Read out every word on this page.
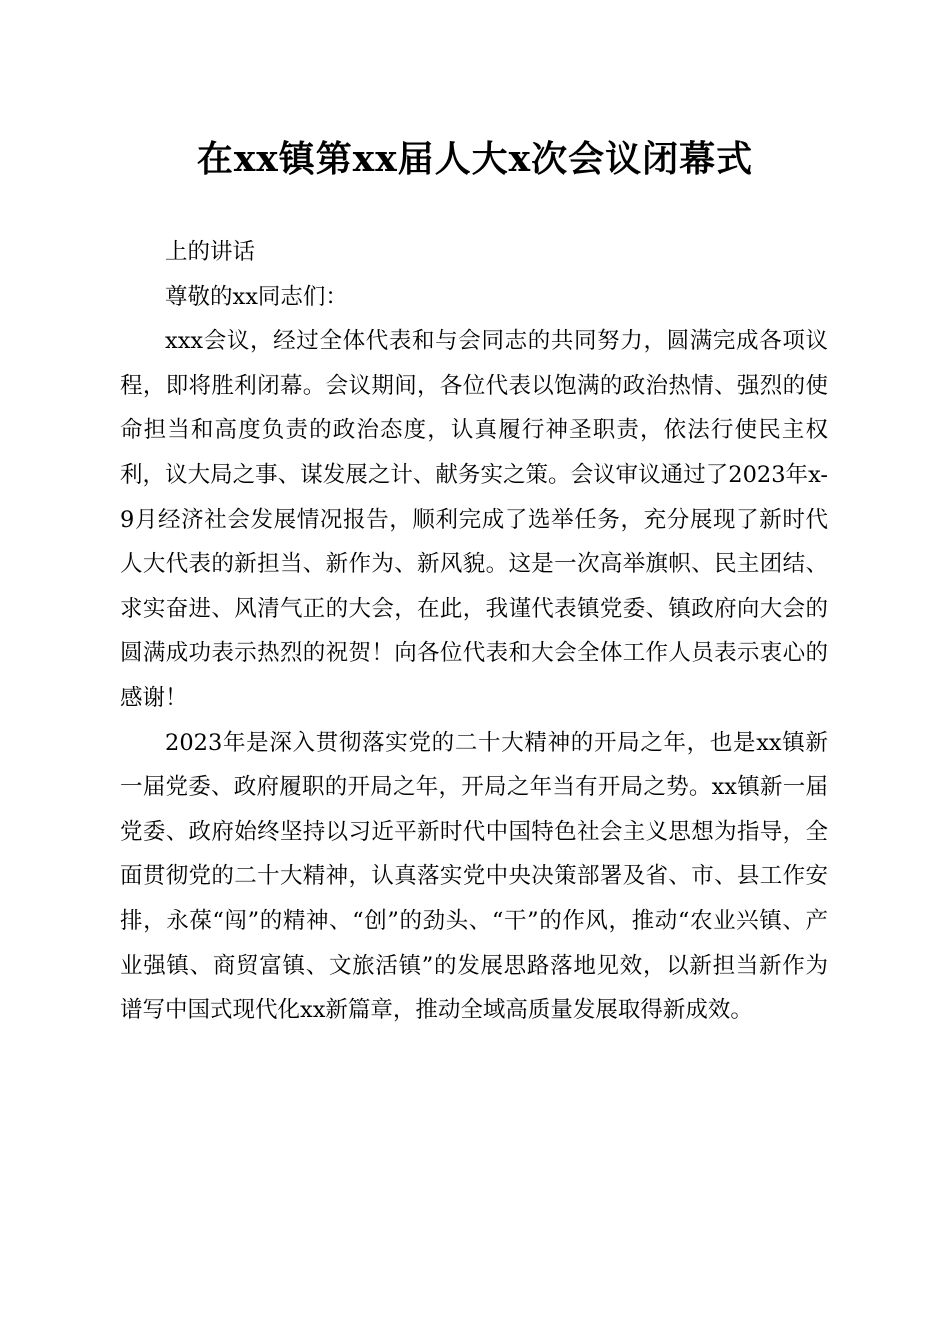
在xx镇第xx届人大x次会议闭幕式

上的讲话

尊敬的xx同志们：

xxx会议，经过全体代表和与会同志的共同努力，圆满完成各项议程，即将胜利闭幕。会议期间，各位代表以饱满的政治热情、强烈的使命担当和高度负责的政治态度，认真履行神圣职责，依法行使民主权利，议大局之事、谋发展之计、献务实之策。会议审议通过了2023年x-9月经济社会发展情况报告，顺利完成了选举任务，充分展现了新时代人大代表的新担当、新作为、新风貌。这是一次高举旗帜、民主团结、求实奋进、风清气正的大会，在此，我谨代表镇党委、镇政府向大会的圆满成功表示热烈的祝贺！向各位代表和大会全体工作人员表示衷心的感谢！

2023年是深入贯彻落实党的二十大精神的开局之年，也是xx镇新一届党委、政府履职的开局之年，开局之年当有开局之势。xx镇新一届党委、政府始终坚持以习近平新时代中国特色社会主义思想为指导，全面贯彻党的二十大精神，认真落实党中央决策部署及省、市、县工作安排，永葆“闯”的精神、“创”的劲头、“干”的作风，推动“农业兴镇、产业强镇、商贸富镇、文旅活镇”的发展思路落地见效，以新担当新作为谱写中国式现代化xx新篇章，推动全域高质量发展取得新成效。
